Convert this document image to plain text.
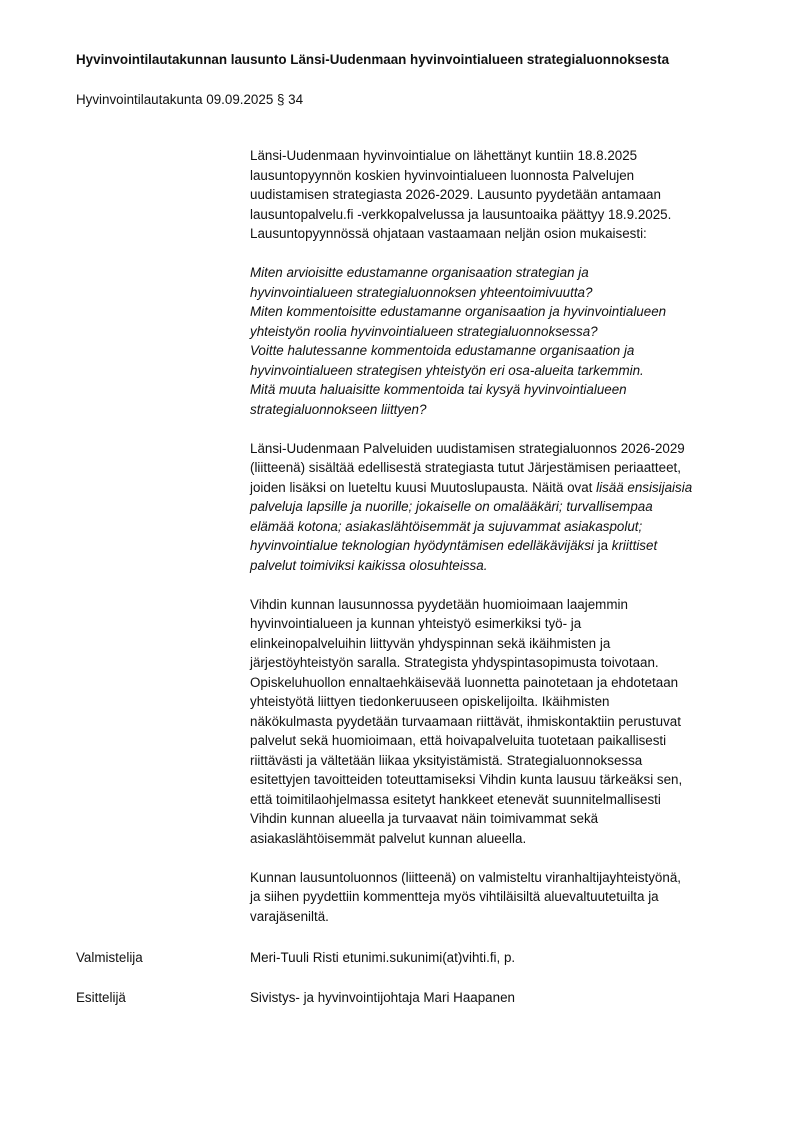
Hyvinvointilautakunnan lausunto Länsi-Uudenmaan hyvinvointialueen strategialuonnoksesta
Hyvinvointilautakunta 09.09.2025 § 34
Länsi-Uudenmaan hyvinvointialue on lähettänyt kuntiin 18.8.2025
lausuntopyynnön koskien hyvinvointialueen luonnosta Palvelujen
uudistamisen strategiasta 2026-2029. Lausunto pyydetään antamaan
lausuntopalvelu.fi -verkkopalvelussa ja lausuntoaika päättyy 18.9.2025.
Lausuntopyynnössä ohjataan vastaamaan neljän osion mukaisesti:
Miten arvioisitte edustamanne organisaation strategian ja
hyvinvointialueen strategialuonnoksen yhteentoimivuutta?
Miten kommentoisitte edustamanne organisaation ja hyvinvointialueen
yhteistyön roolia hyvinvointialueen strategialuonnoksessa?
Voitte halutessanne kommentoida edustamanne organisaation ja
hyvinvointialueen strategisen yhteistyön eri osa-alueita tarkemmin.
Mitä muuta haluaisitte kommentoida tai kysyä hyvinvointialueen
strategialuonnokseen liittyen?
Länsi-Uudenmaan Palveluiden uudistamisen strategialuonnos 2026-2029
(liitteenä) sisältää edellisestä strategiasta tutut Järjestämisen periaatteet,
joiden lisäksi on lueteltu kuusi Muutoslupausta. Näitä ovat lisää ensisijaisia
palveluja lapsille ja nuorille; jokaiselle on omalääkäri; turvallisempaa
elämää kotona; asiakaslähtöisemmät ja sujuvammat asiakaspolut;
hyvinvointialue teknologian hyödyntämisen edelläkävijäksi ja kriittiset
palvelut toimiviksi kaikissa olosuhteissa.
Vihdin kunnan lausunnossa pyydetään huomioimaan laajemmin
hyvinvointialueen ja kunnan yhteistyö esimerkiksi työ- ja
elinkeinopalveluihin liittyvän yhdyspinnan sekä ikäihmisten ja
järjestöyhteistyön saralla. Strategista yhdyspintasopimusta toivotaan.
Opiskeluhuollon ennaltaehkäisevää luonnetta painotetaan ja ehdotetaan
yhteistyötä liittyen tiedonkeruuseen opiskelijoilta. Ikäihmisten
näkökulmasta pyydetään turvaamaan riittävät, ihmiskontaktiin perustuvat
palvelut sekä huomioimaan, että hoivapalveluita tuotetaan paikallisesti
riittävästi ja vältetään liikaa yksityistämistä. Strategialuonnoksessa
esitettyjen tavoitteiden toteuttamiseksi Vihdin kunta lausuu tärkeäksi sen,
että toimitilaohjelmassa esitetyt hankkeet etenevät suunnitelmallisesti
Vihdin kunnan alueella ja turvaavat näin toimivammat sekä
asiakaslähtöisemmät palvelut kunnan alueella.
Kunnan lausuntoluonnos (liitteenä) on valmisteltu viranhaltijayhteistyönä,
ja siihen pyydettiin kommentteja myös vihtiläisiltä aluevaltuutetuilta ja
varajäseniltä.
Valmistelija	Meri-Tuuli Risti etunimi.sukunimi(at)vihti.fi, p.
Esittelijä	Sivistys- ja hyvinvointijohtaja Mari Haapanen
